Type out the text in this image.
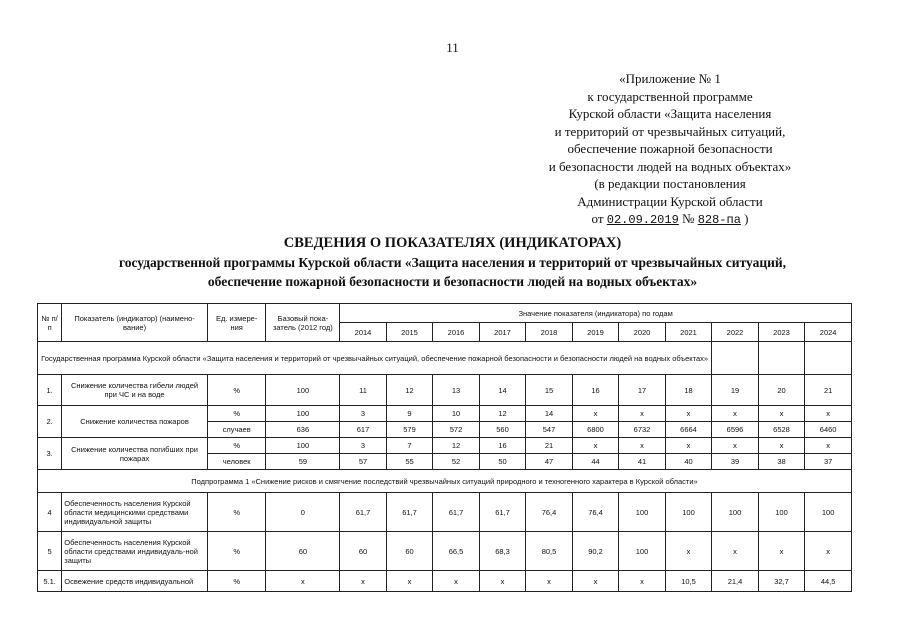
11
«Приложение № 1
к государственной программе
Курской области «Защита населения
и территорий от чрезвычайных ситуаций,
обеспечение пожарной безопасности
и безопасности людей на водных объектах»
(в редакции постановления
Администрации Курской области
от 02.09.2019 № 828-па )
СВЕДЕНИЯ О ПОКАЗАТЕЛЯХ (ИНДИКАТОРАХ)
государственной программы Курской области «Защита населения и территорий от чрезвычайных ситуаций,
обеспечение пожарной безопасности и безопасности людей на водных объектах»
№ п/п	Показатель (индикатор) (наимено-вание)	Ед. измере-ния	Базовый пока-затель (2012 год)	Значение показателя (индикатора) по годам										
				2014	2015	2016	2017	2018	2019	2020	2021	2022	2023	2024
Государственная программа Курской области «Защита населения и территорий от чрезвычайных ситуаций, обеспечение пожарной безопасности и безопасности людей на водных объектах»														
1.	Снижение количества гибели людей при ЧС и на воде	%	100	11	12	13	14	15	16	17	18	19	20	21
2.	Снижение количества пожаров	%	100	3	9	10	12	14	x	x	x	x	x	x
		случаев	636	617	579	572	560	547	6800	6732	6664	6596	6528	6460
3.	Снижение количества погибших при пожарах	%	100	3	7	12	16	21	x	x	x	x	x	x
		человек	59	57	55	52	50	47	44	41	40	39	38	37
Подпрограмма 1 «Снижение рисков и смягчение последствий чрезвычайных ситуаций природного и техногенного характера в Курской области»														
4	Обеспеченность населения Курской области медицинскими средствами индивидуальной защиты	%	0	61,7	61,7	61,7	61,7	76,4	76,4	100	100	100	100	100
5	Обеспеченность населения Курской области средствами индивидуаль-ной защиты	%	60	60	60	66,5	68,3	80,5	90,2	100	x	x	x	x
5.1.	Освежение средств индивидуальной	%	x	x	x	x	x	x	x	x	10,5	21,4	32,7	44,5
